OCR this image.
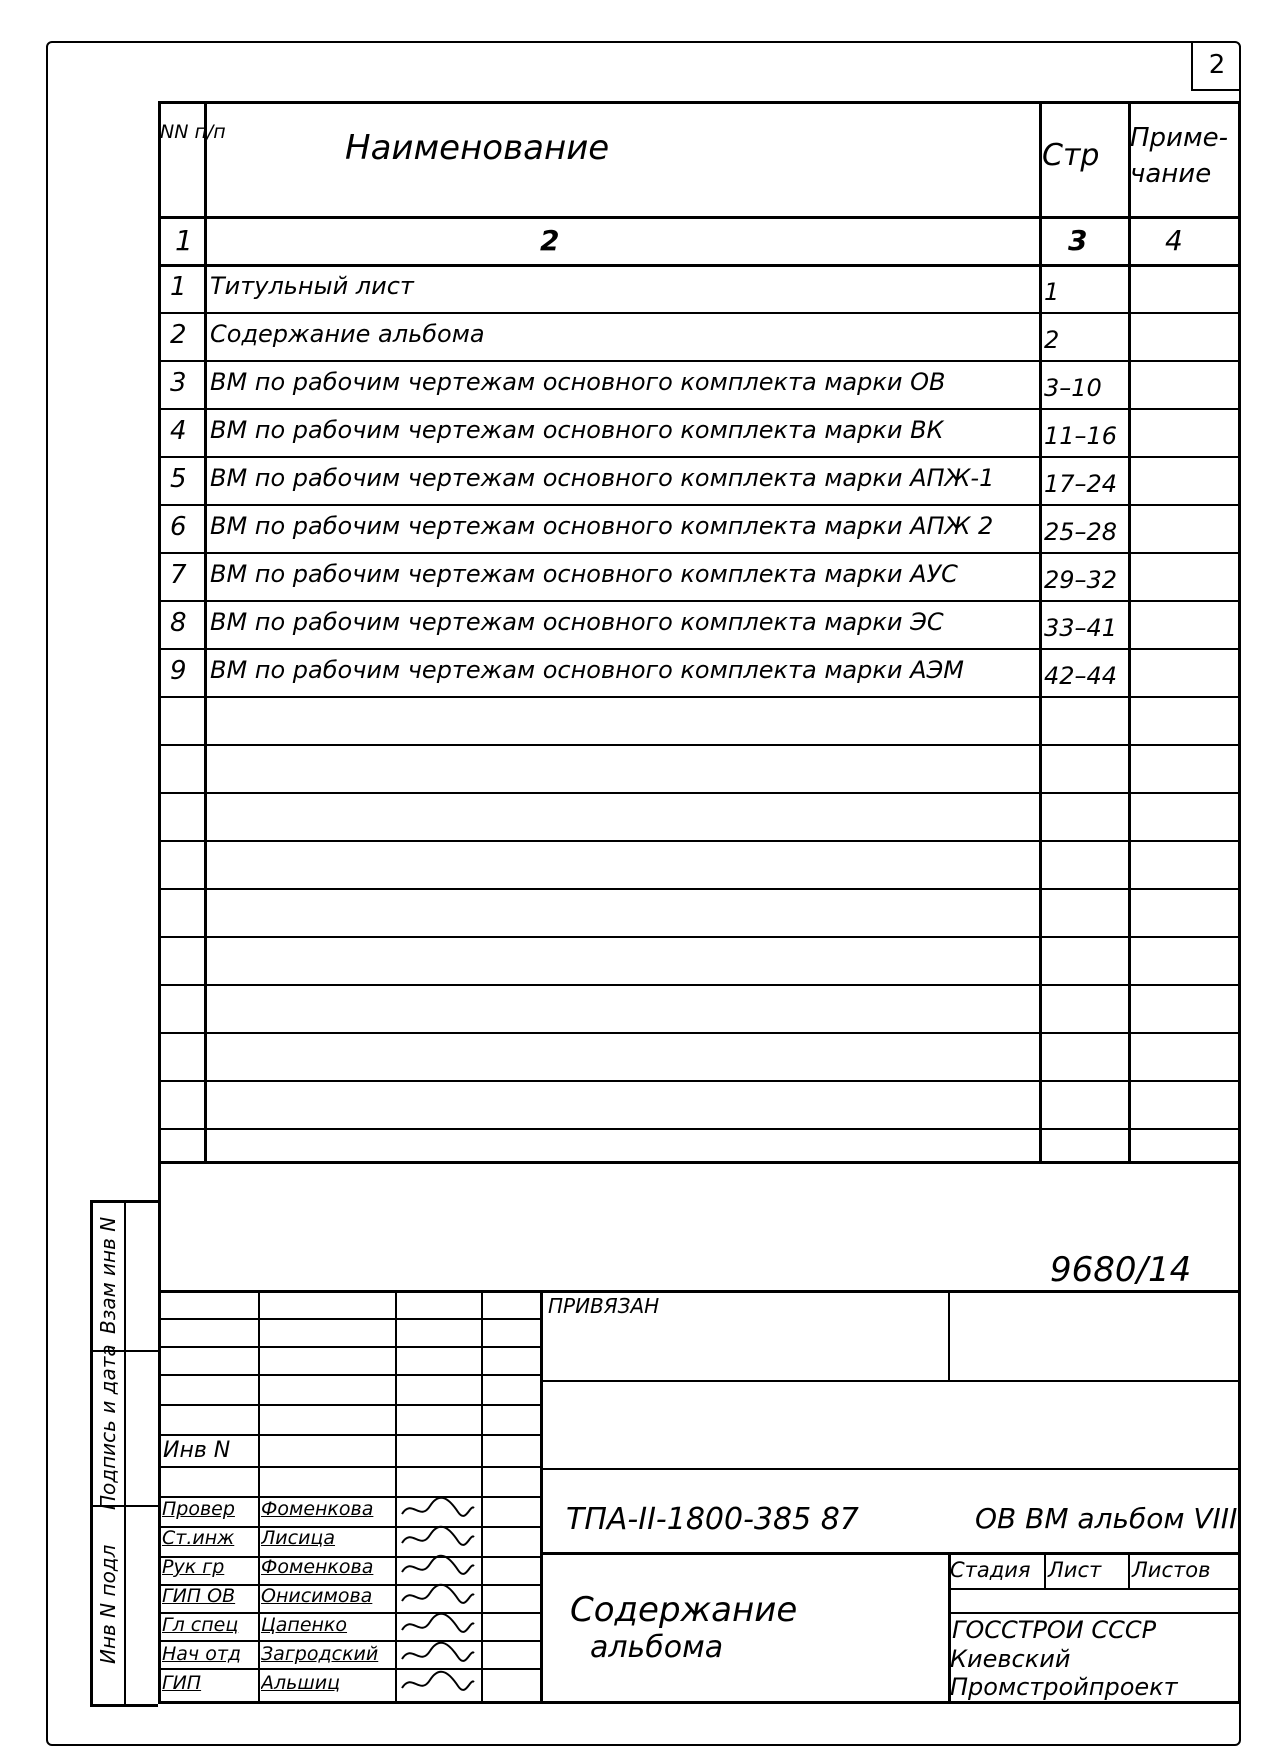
2
NN п/п	Наименование	Стр Приме-чание
1	2	3	4
1 Титульный лист	1
2 Содержание альбома	2
3 ВМ по рабочим чертежам основного комплекта марки ОВ	3–10
4 ВМ по рабочим чертежам основного комплекта марки ВК	11–16
5 ВМ по рабочим чертежам основного комплекта марки АПЖ-1	17–24
6 ВМ по рабочим чертежам основного комплекта марки АПЖ 2	25–28
7 ВМ по рабочим чертежам основного комплекта марки АУС	29–32
8 ВМ по рабочим чертежам основного комплекта марки ЭС	33–41
9 ВМ по рабочим чертежам основного комплекта марки АЭМ	42–44
9680/14
ПРИВЯЗАН
Инв N
ТПА-II-1800-385 87	ОВ ВМ альбом VIII
Содержание
альбома
Стадия Лист Листов
ГОССТРОИ СССР
Киевский
Промстройпроект
Провер	Фоменкова
Ст.инж	Лисица
Рук гр	Фоменкова
ГИП ОВ	Онисимова
Гл спец	Цапенко
Нач отд	Загродский
ГИП	Альшиц
Взам инв N
Подпись и дата
Инв N подл
